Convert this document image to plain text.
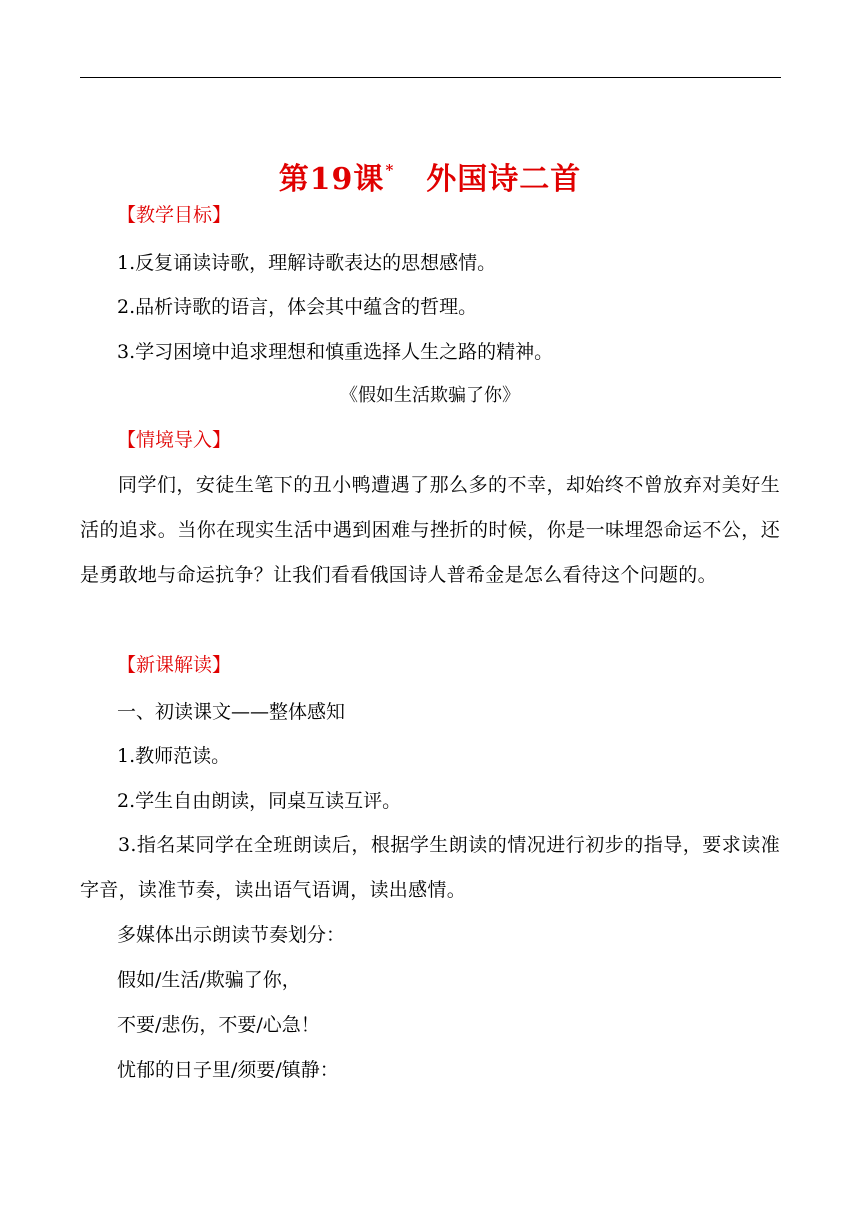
第19课* 外国诗二首
【教学目标】
1.反复诵读诗歌，理解诗歌表达的思想感情。
2.品析诗歌的语言，体会其中蕴含的哲理。
3.学习困境中追求理想和慎重选择人生之路的精神。
《假如生活欺骗了你》
【情境导入】
同学们，安徒生笔下的丑小鸭遭遇了那么多的不幸，却始终不曾放弃对美好生活的追求。当你在现实生活中遇到困难与挫折的时候，你是一味埋怨命运不公，还是勇敢地与命运抗争？让我们看看俄国诗人普希金是怎么看待这个问题的。
【新课解读】
一、初读课文——整体感知
1.教师范读。
2.学生自由朗读，同桌互读互评。
3.指名某同学在全班朗读后，根据学生朗读的情况进行初步的指导，要求读准字音，读准节奏，读出语气语调，读出感情。
多媒体出示朗读节奏划分：
假如/生活/欺骗了你，
不要/悲伤，不要/心急！
忧郁的日子里/须要/镇静：
